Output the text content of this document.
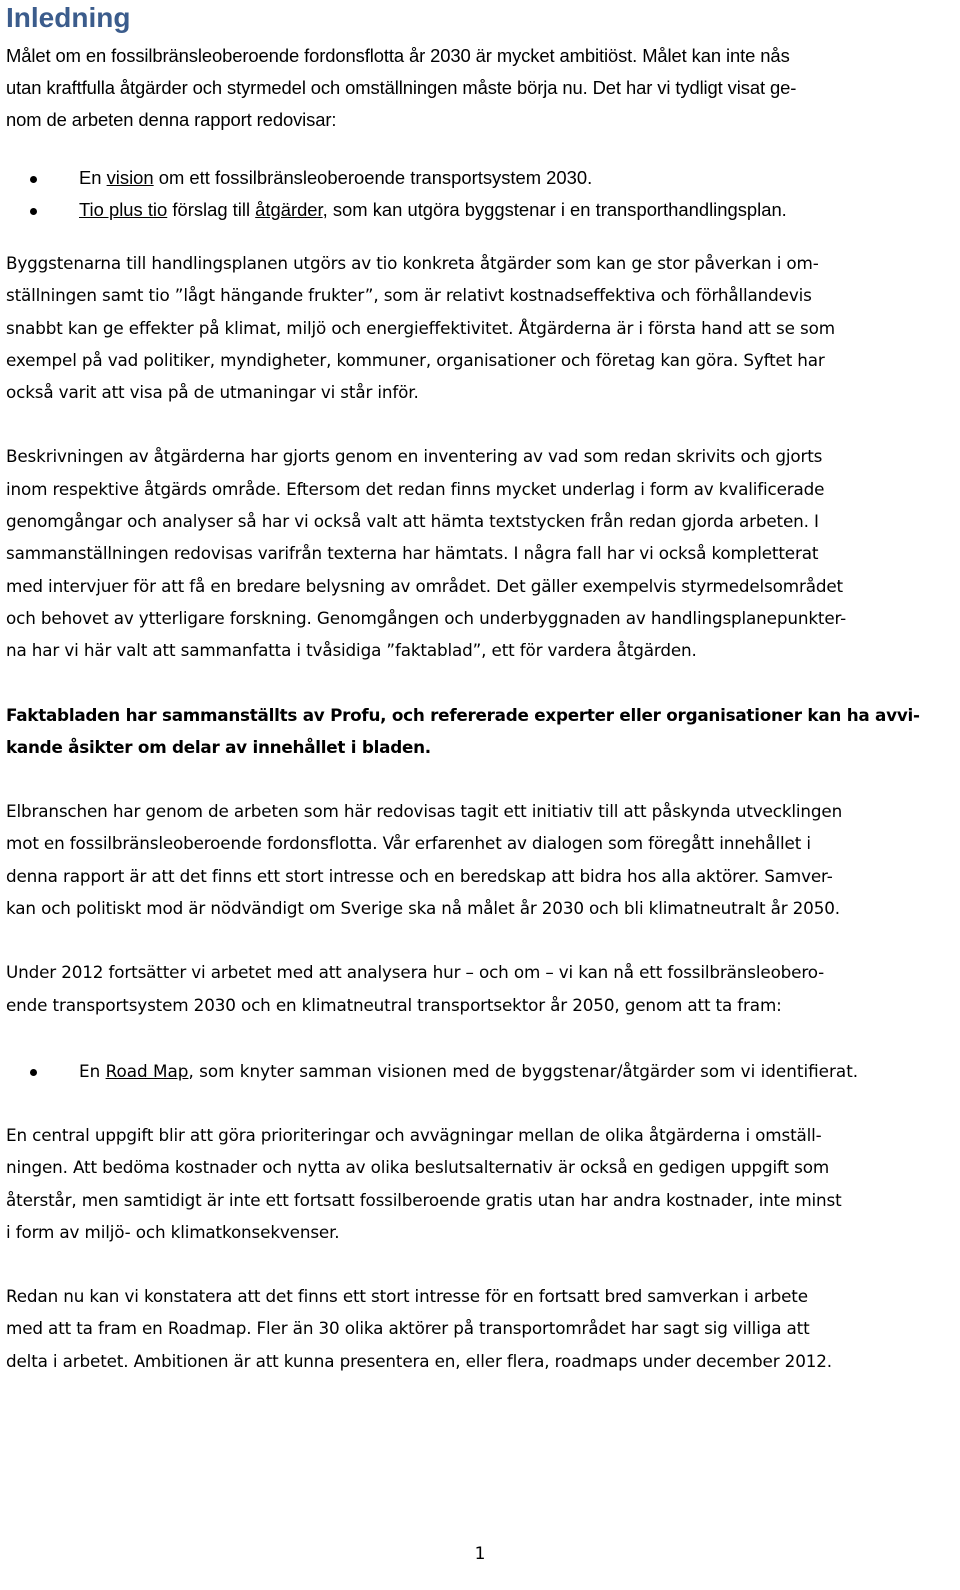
Inledning

Målet om en fossilbränsleoberoende fordonsflotta år 2030 är mycket ambitiöst. Målet kan inte nås
utan kraftfulla åtgärder och styrmedel och omställningen måste börja nu. Det har vi tydligt visat ge-
nom de arbeten denna rapport redovisar:

En vision om ett fossilbränsleoberoende transportsystem 2030.
Tio plus tio förslag till åtgärder, som kan utgöra byggstenar i en transporthandlingsplan.

Byggstenarna till handlingsplanen utgörs av tio konkreta åtgärder som kan ge stor påverkan i om-
ställningen samt tio ”lågt hängande frukter”, som är relativt kostnadseffektiva och förhållandevis
snabbt kan ge effekter på klimat, miljö och energieffektivitet. Åtgärderna är i första hand att se som
exempel på vad politiker, myndigheter, kommuner, organisationer och företag kan göra. Syftet har
också varit att visa på de utmaningar vi står inför.

Beskrivningen av åtgärderna har gjorts genom en inventering av vad som redan skrivits och gjorts
inom respektive åtgärds område. Eftersom det redan finns mycket underlag i form av kvalificerade
genomgångar och analyser så har vi också valt att hämta textstycken från redan gjorda arbeten. I
sammanställningen redovisas varifrån texterna har hämtats. I några fall har vi också kompletterat
med intervjuer för att få en bredare belysning av området. Det gäller exempelvis styrmedelsområdet
och behovet av ytterligare forskning. Genomgången och underbyggnaden av handlingsplanepunkter-
na har vi här valt att sammanfatta i tvåsidiga ”faktablad”, ett för vardera åtgärden.

Faktabladen har sammanställts av Profu, och refererade experter eller organisationer kan ha avvi-
kande åsikter om delar av innehållet i bladen.

Elbranschen har genom de arbeten som här redovisas tagit ett initiativ till att påskynda utvecklingen
mot en fossilbränsleoberoende fordonsflotta. Vår erfarenhet av dialogen som föregått innehållet i
denna rapport är att det finns ett stort intresse och en beredskap att bidra hos alla aktörer. Samver-
kan och politiskt mod är nödvändigt om Sverige ska nå målet år 2030 och bli klimatneutralt år 2050.

Under 2012 fortsätter vi arbetet med att analysera hur – och om – vi kan nå ett fossilbränsleobero-
ende transportsystem 2030 och en klimatneutral transportsektor år 2050, genom att ta fram:

En Road Map, som knyter samman visionen med de byggstenar/åtgärder som vi identifierat.

En central uppgift blir att göra prioriteringar och avvägningar mellan de olika åtgärderna i omställ-
ningen. Att bedöma kostnader och nytta av olika beslutsalternativ är också en gedigen uppgift som
återstår, men samtidigt är inte ett fortsatt fossilberoende gratis utan har andra kostnader, inte minst
i form av miljö- och klimatkonsekvenser.

Redan nu kan vi konstatera att det finns ett stort intresse för en fortsatt bred samverkan i arbete
med att ta fram en Roadmap. Fler än 30 olika aktörer på transportområdet har sagt sig villiga att
delta i arbetet. Ambitionen är att kunna presentera en, eller flera, roadmaps under december 2012.

1
